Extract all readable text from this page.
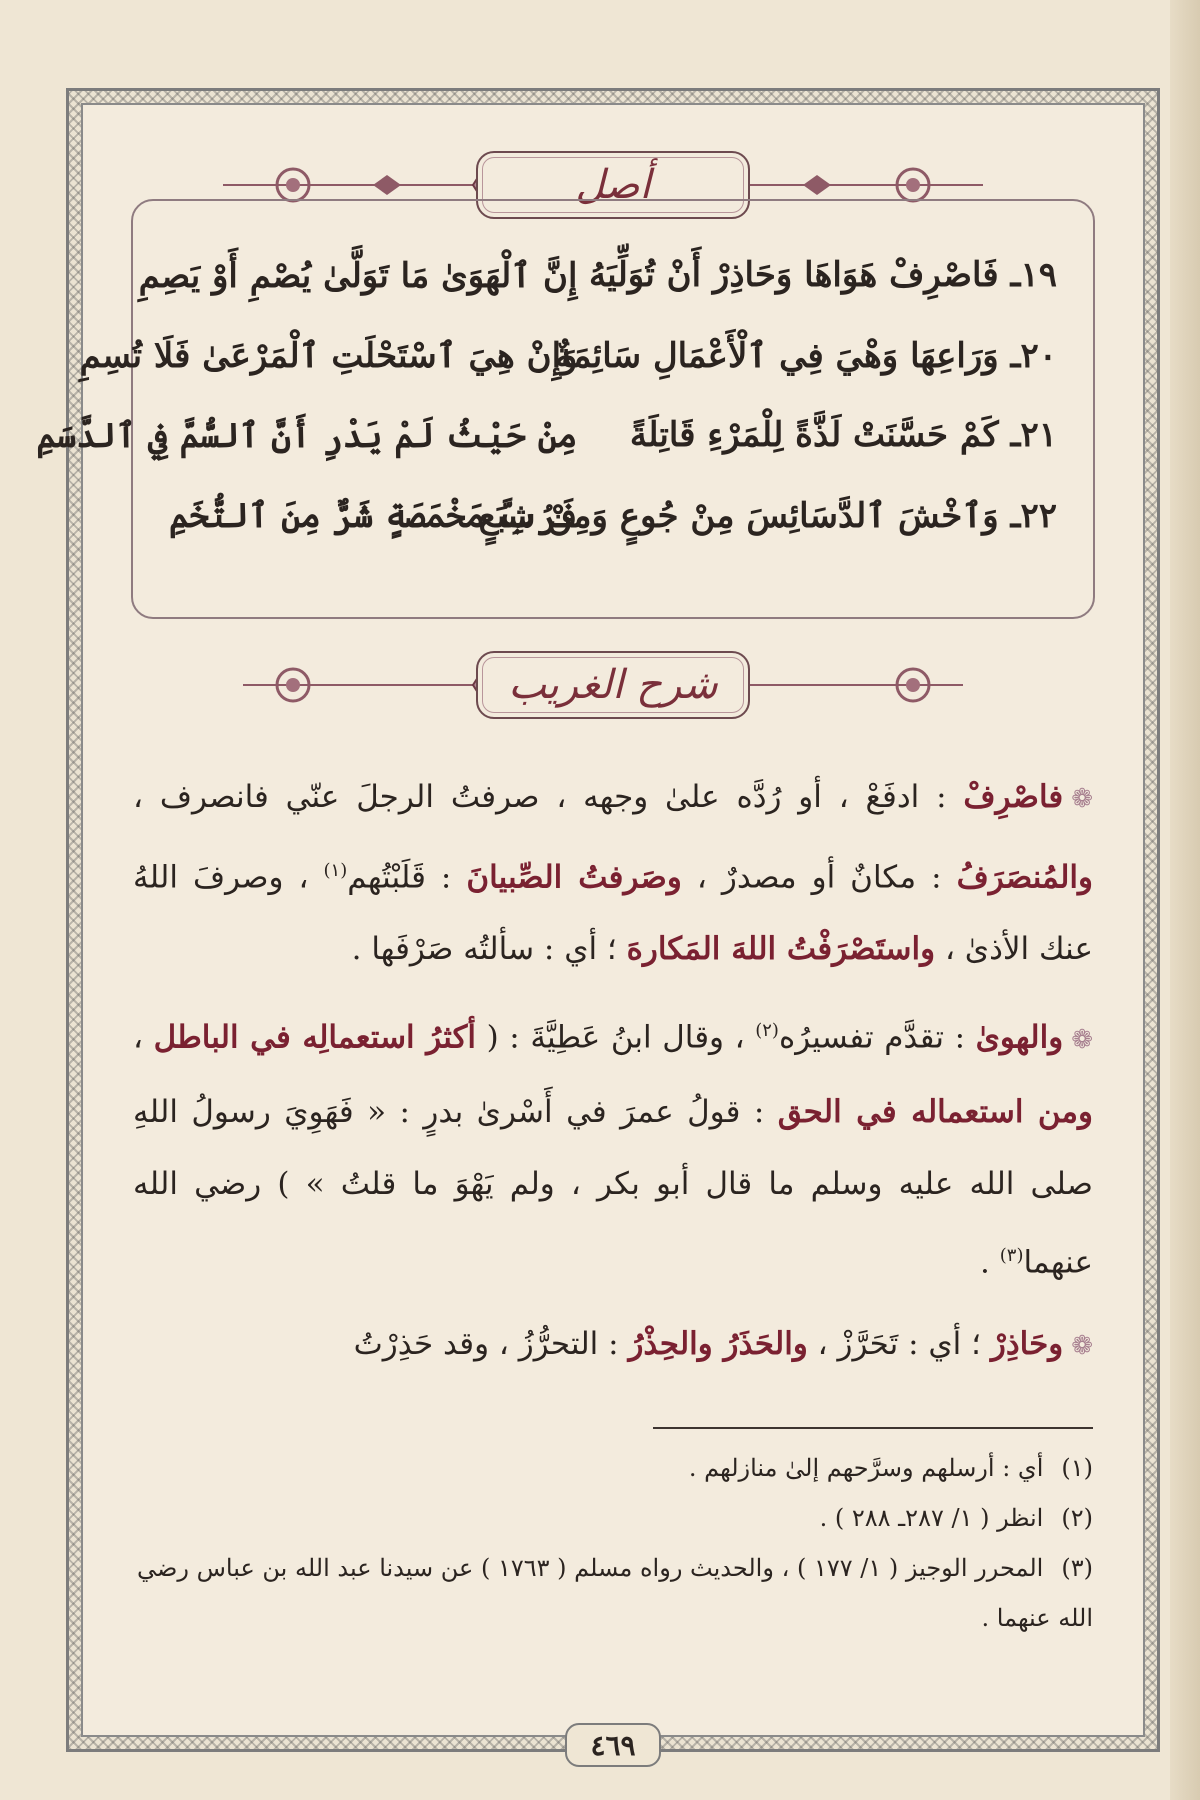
أصل
١٩ـ فَاصْرِفْ هَوَاهَا وَحَاذِرْ أَنْ تُوَلِّيَهُ
إِنَّ ٱلْهَوَىٰ مَا تَوَلَّىٰ يُصْمِ أَوْ يَصِمِ
٢٠ـ وَرَاعِهَا وَهْيَ فِي ٱلْأَعْمَالِ سَائِمَةٌ
وَإِنْ هِيَ ٱسْتَحْلَتِ ٱلْمَرْعَىٰ فَلَا تُسِمِ
٢١ـ كَمْ حَسَّنَتْ لَذَّةً لِلْمَرْءِ قَاتِلَةً
مِنْ حَيْثُ لَمْ يَدْرِ أَنَّ ٱلسُّمَّ فِي ٱلدَّسَمِ
٢٢ـ وَٱخْشَ ٱلدَّسَائِسَ مِنْ جُوعٍ وَمِنْ شِبَعٍ
فَرُبَّ مَخْمَصَةٍ شَرٌّ مِنَ ٱلتُّخَمِ
شرح الغريب

❁فاصْرِفْ : ادفَعْ ، أو رُدَّه علىٰ وجهه ، صرفتُ الرجلَ عنّي فانصرف ، والمُنصَرَفُ : مكانٌ أو مصدرٌ ، وصَرفتُ الصِّبيانَ : قَلَبْتُهم$^{(١)}$ ، وصرفَ اللهُ عنك الأذىٰ ، واستَصْرَفْتُ اللهَ المَكارهَ ؛ أي : سألتُه صَرْفَها .

❁والهوىٰ : تقدَّم تفسيرُه$^{(٢)}$ ، وقال ابنُ عَطِيَّةَ : ( أكثرُ استعمالِه في الباطل ، ومن استعماله في الحق : قولُ عمرَ في أَسْرىٰ بدرٍ : « فَهَوِيَ رسولُ اللهِ صلى الله عليه وسلم ما قال أبو بكر ، ولم يَهْوَ ما قلتُ » ) رضي الله عنهما$^{(٣)}$ .

❁وحَاذِرْ ؛ أي : تَحَرَّزْ ، والحَذَرُ والحِذْرُ : التحرُّزُ ، وقد حَذِرْتُ

(١)أي : أرسلهم وسرَّحهم إلىٰ منازلهم .
(٢)انظر ( ١/ ٢٨٧ـ ٢٨٨ ) .
(٣)المحرر الوجيز ( ١/ ١٧٧ ) ، والحديث رواه مسلم ( ١٧٦٣ ) عن سيدنا عبد الله بن عباس رضي الله عنهما .
٤٦٩
